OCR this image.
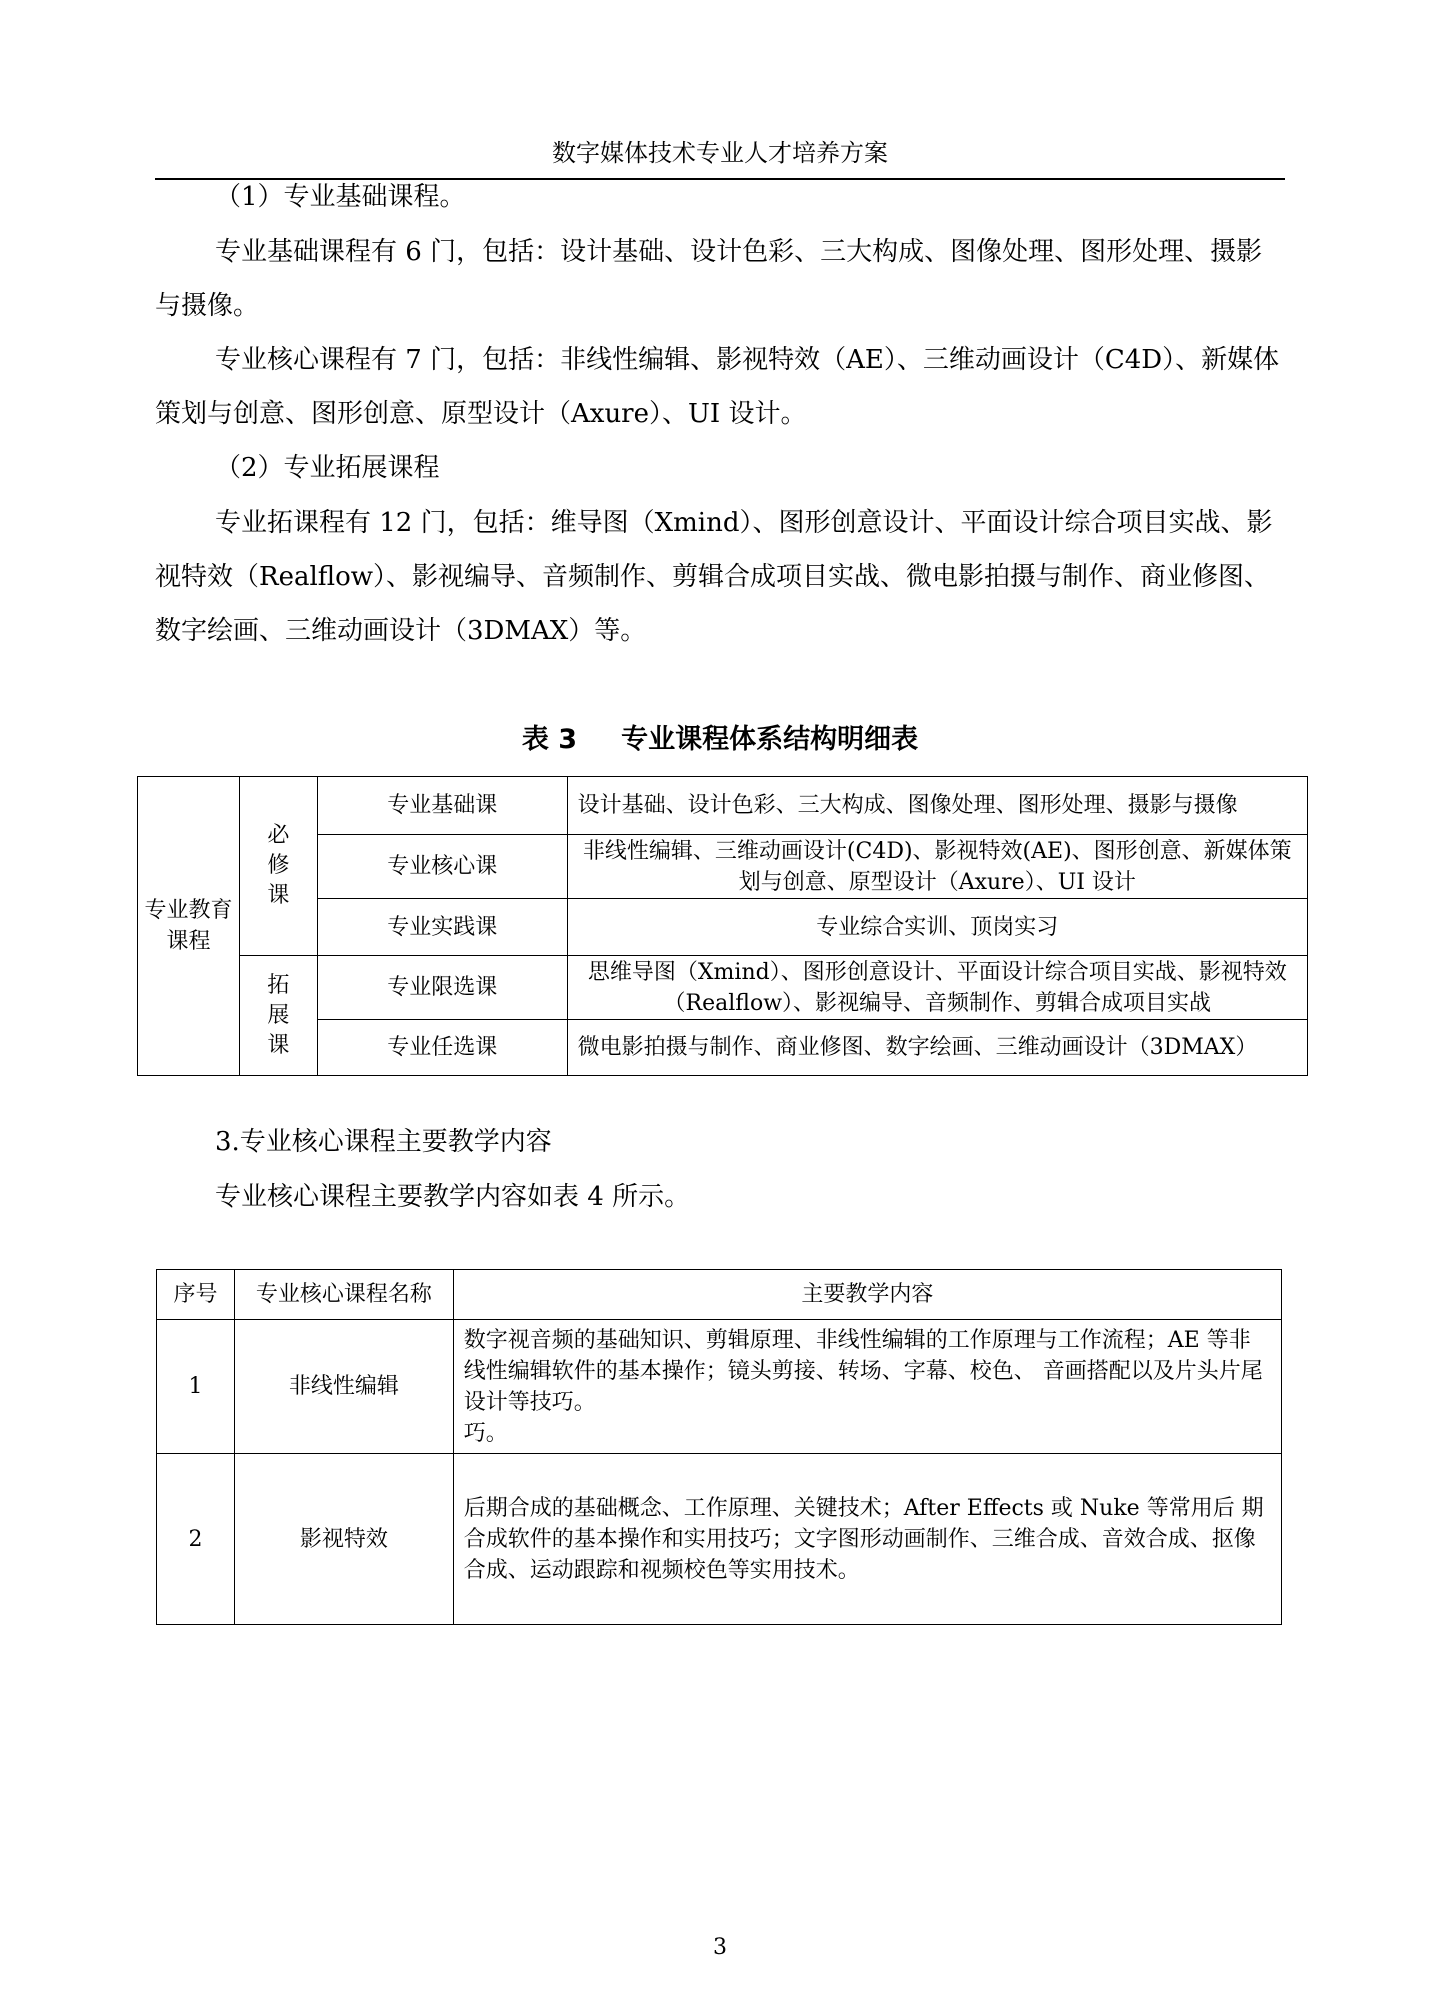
数字媒体技术专业人才培养方案

（1）专业基础课程。

专业基础课程有 6 门，包括：设计基础、设计色彩、三大构成、图像处理、图形处理、摄影与摄像。

专业核心课程有 7 门，包括：非线性编辑、影视特效（AE）、三维动画设计（C4D）、新媒体策划与创意、图形创意、原型设计（Axure）、UI 设计。

（2）专业拓展课程

专业拓课程有 12 门，包括：维导图（Xmind）、图形创意设计、平面设计综合项目实战、影视特效（Realflow）、影视编导、音频制作、剪辑合成项目实战、微电影拍摄与制作、商业修图、数字绘画、三维动画设计（3DMAX）等。

表 3 专业课程体系结构明细表
专业教育课程	必修课	专业基础课	设计基础、设计色彩、三大构成、图像处理、图形处理、摄影与摄像
		专业核心课	非线性编辑、三维动画设计(C4D)、影视特效(AE)、图形创意、新媒体策划与创意、原型设计（Axure）、UI 设计
		专业实践课	专业综合实训、顶岗实习
	拓展课	专业限选课	思维导图（Xmind）、图形创意设计、平面设计综合项目实战、影视特效（Realflow）、影视编导、音频制作、剪辑合成项目实战
		专业任选课	微电影拍摄与制作、商业修图、数字绘画、三维动画设计（3DMAX）

3.专业核心课程主要教学内容

专业核心课程主要教学内容如表 4 所示。

序号	专业核心课程名称	主要教学内容
1	非线性编辑	数字视音频的基础知识、剪辑原理、非线性编辑的工作原理与工作流程；AE 等非线性编辑软件的基本操作；镜头剪接、转场、字幕、校色、 音画搭配以及片头片尾设计等技巧。
巧。
2	影视特效	后期合成的基础概念、工作原理、关键技术；After Effects 或 Nuke 等常用后 期合成软件的基本操作和实用技巧；文字图形动画制作、三维合成、音效合成、抠像合成、运动跟踪和视频校色等实用技术。
3
